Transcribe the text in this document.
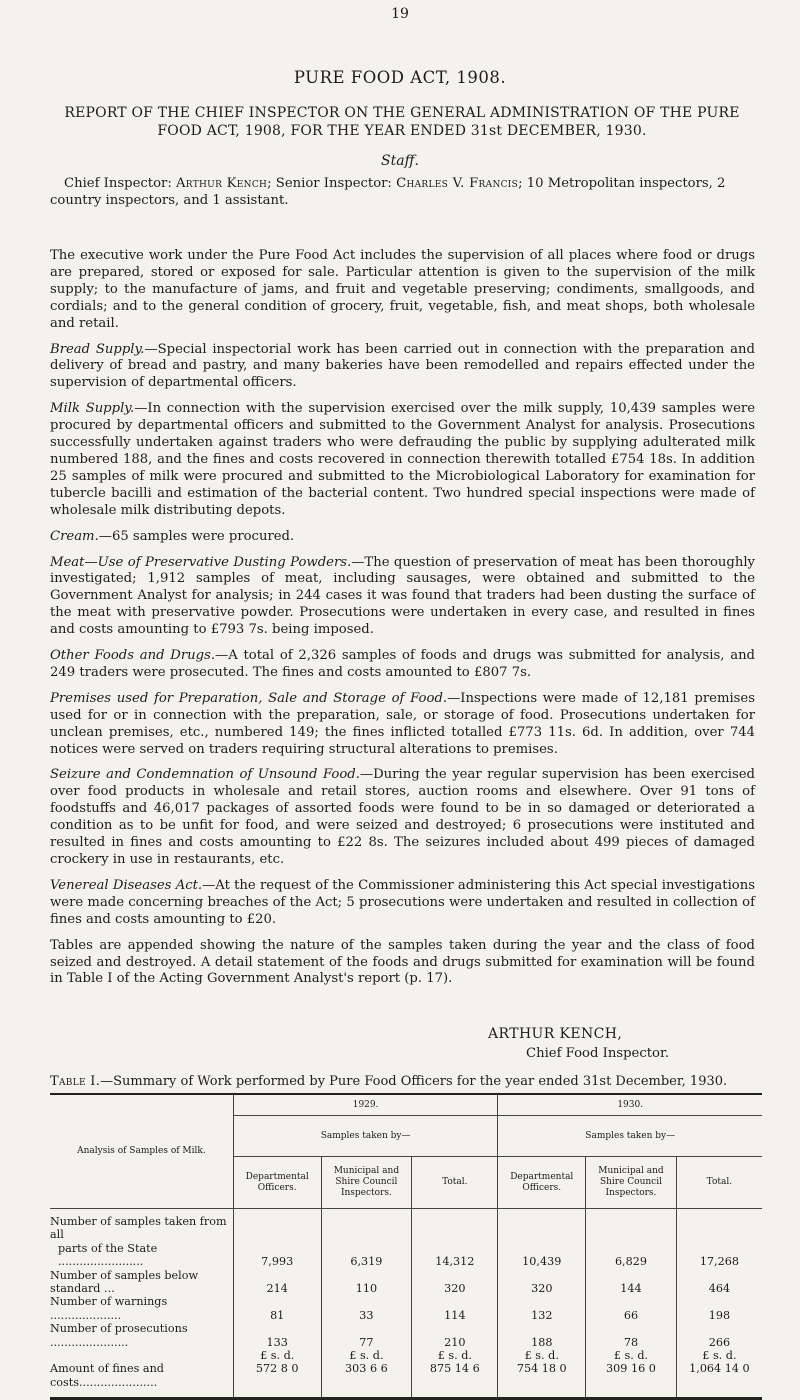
19
PURE FOOD ACT, 1908.
REPORT OF THE CHIEF INSPECTOR ON THE GENERAL ADMINISTRATION OF THE PURE FOOD ACT, 1908, FOR THE YEAR ENDED 31st DECEMBER, 1930.
Staff.
Chief Inspector: Arthur Kench; Senior Inspector: Charles V. Francis; 10 Metropolitan inspectors, 2 country inspectors, and 1 assistant.

The executive work under the Pure Food Act includes the supervision of all places where food or drugs are prepared, stored or exposed for sale. Particular attention is given to the supervision of the milk supply; to the manufacture of jams, and fruit and vegetable preserving; condiments, smallgoods, and cordials; and to the general condition of grocery, fruit, vegetable, fish, and meat shops, both wholesale and retail.

Bread Supply.—Special inspectorial work has been carried out in connection with the preparation and delivery of bread and pastry, and many bakeries have been remodelled and repairs effected under the supervision of departmental officers.

Milk Supply.—In connection with the supervision exercised over the milk supply, 10,439 samples were procured by departmental officers and submitted to the Government Analyst for analysis. Prosecutions successfully undertaken against traders who were defrauding the public by supplying adulterated milk numbered 188, and the fines and costs recovered in connection therewith totalled £754 18s. In addition 25 samples of milk were procured and submitted to the Microbiological Laboratory for examination for tubercle bacilli and estimation of the bacterial content. Two hundred special inspections were made of wholesale milk distributing depots.

Cream.—65 samples were procured.

Meat—Use of Preservative Dusting Powders.—The question of preservation of meat has been thoroughly investigated; 1,912 samples of meat, including sausages, were obtained and submitted to the Government Analyst for analysis; in 244 cases it was found that traders had been dusting the surface of the meat with preservative powder. Prosecutions were undertaken in every case, and resulted in fines and costs amounting to £793 7s. being imposed.

Other Foods and Drugs.—A total of 2,326 samples of foods and drugs was submitted for analysis, and 249 traders were prosecuted. The fines and costs amounted to £807 7s.

Premises used for Preparation, Sale and Storage of Food.—Inspections were made of 12,181 premises used for or in connection with the preparation, sale, or storage of food. Prosecutions undertaken for unclean premises, etc., numbered 149; the fines inflicted totalled £773 11s. 6d. In addition, over 744 notices were served on traders requiring structural alterations to premises.

Seizure and Condemnation of Unsound Food.—During the year regular supervision has been exercised over food products in wholesale and retail stores, auction rooms and elsewhere. Over 91 tons of foodstuffs and 46,017 packages of assorted foods were found to be in so damaged or deteriorated a condition as to be unfit for food, and were seized and destroyed; 6 prosecutions were instituted and resulted in fines and costs amounting to £22 8s. The seizures included about 499 pieces of damaged crockery in use in restaurants, etc.

Venereal Diseases Act.—At the request of the Commissioner administering this Act special investigations were made concerning breaches of the Act; 5 prosecutions were undertaken and resulted in collection of fines and costs amounting to £20.

Tables are appended showing the nature of the samples taken during the year and the class of food seized and destroyed. A detail statement of the foods and drugs submitted for examination will be found in Table I of the Acting Government Analyst's report (p. 17).

ARTHUR KENCH,
Chief Food Inspector.
Table I.—Summary of Work performed by Pure Food Officers for the year ended 31st December, 1930.
Analysis of Samples of Milk.	1929.			1930.		
	Samples taken by—			Samples taken by—		
	Departmental Officers.	Municipal and Shire Council Inspectors.	Total.	Departmental Officers.	Municipal and Shire Council Inspectors.	Total.

Number of samples taken from all
parts of the State ........................	7,993	6,319	14,312	10,439	6,829	17,268

Number of samples below standard ...	214	110	320	320	144	464

Number of warnings ....................	81	33	114	132	66	198

Number of prosecutions ......................	133	77	210	188	78	266
	£ s. d.	£ s. d.	£ s. d.	£ s. d.	£ s. d.	£ s. d.
Amount of fines and costs......................	572 8 0	303 6 6	875 14 6	754 18 0	309 16 0	1,064 14 0
